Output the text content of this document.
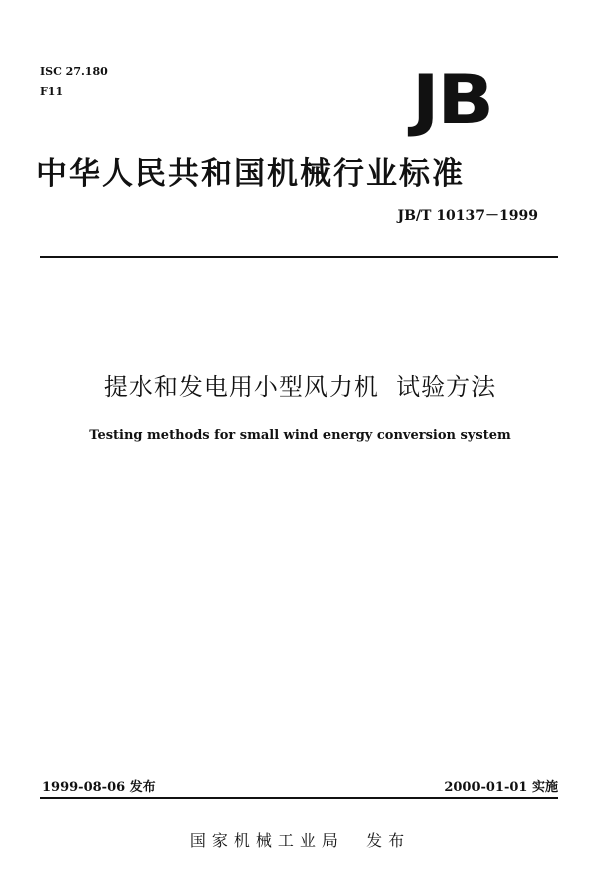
ISC 27.180
F11	JB
中华人民共和国机械行业标准
JB/T 10137－1999
提水和发电用小型风力机  试验方法
Testing methods for small wind energy conversion system
1999-08-06 发布	2000-01-01 实施
国家机械工业局  发布
